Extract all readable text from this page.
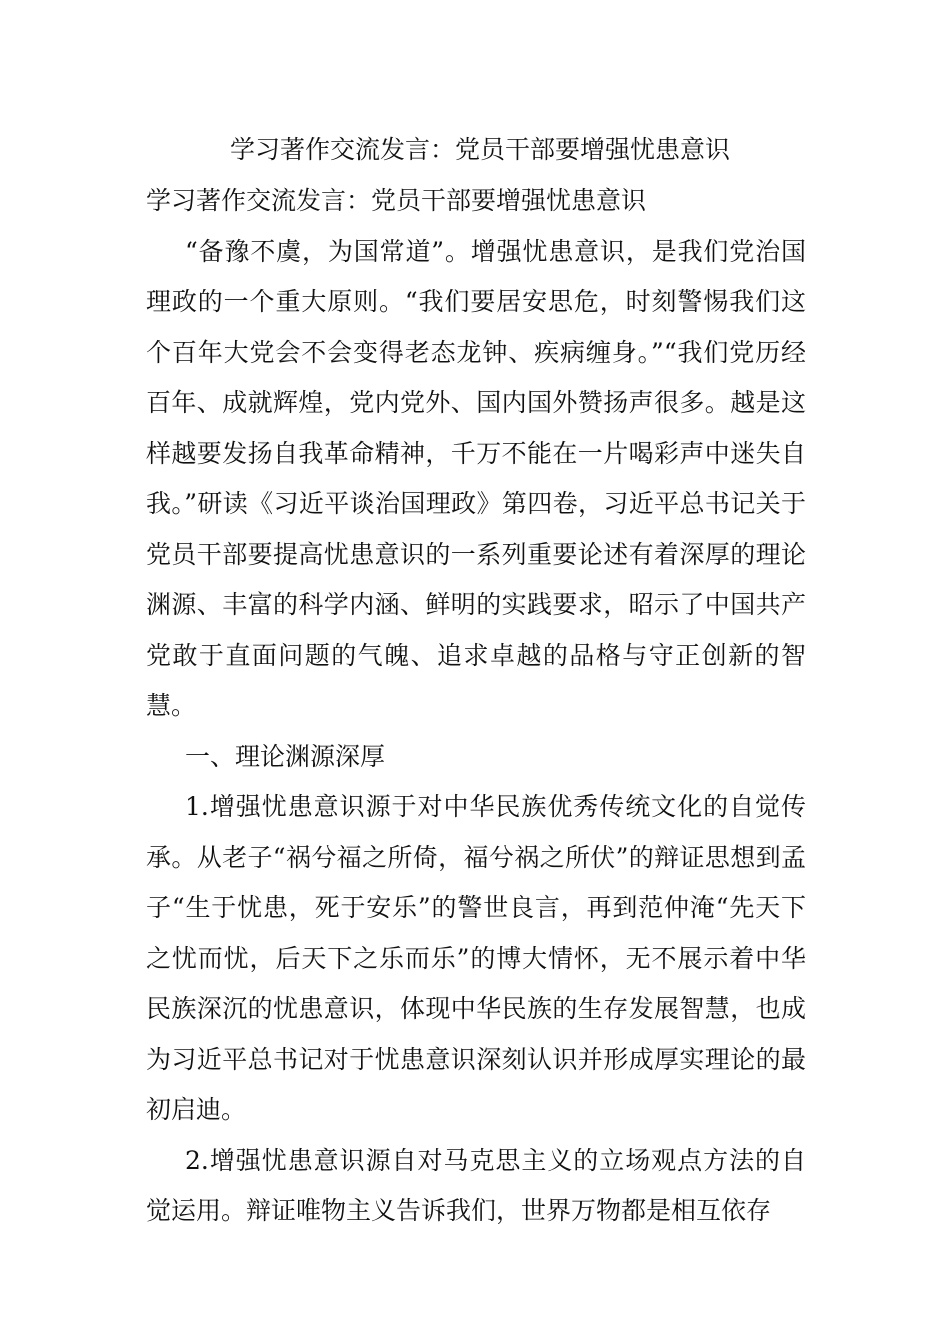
学习著作交流发言：党员干部要增强忧患意识

学习著作交流发言：党员干部要增强忧患意识

“备豫不虞，为国常道”。增强忧患意识，是我们党治国理政的一个重大原则。“我们要居安思危，时刻警惕我们这个百年大党会不会变得老态龙钟、疾病缠身。”“我们党历经百年、成就辉煌，党内党外、国内国外赞扬声很多。越是这样越要发扬自我革命精神，千万不能在一片喝彩声中迷失自我。”研读《习近平谈治国理政》第四卷，习近平总书记关于党员干部要提高忧患意识的一系列重要论述有着深厚的理论渊源、丰富的科学内涵、鲜明的实践要求，昭示了中国共产党敢于直面问题的气魄、追求卓越的品格与守正创新的智慧。

一、理论渊源深厚

1.增强忧患意识源于对中华民族优秀传统文化的自觉传承。从老子“祸兮福之所倚，福兮祸之所伏”的辩证思想到孟子“生于忧患，死于安乐”的警世良言，再到范仲淹“先天下之忧而忧，后天下之乐而乐”的博大情怀，无不展示着中华民族深沉的忧患意识，体现中华民族的生存发展智慧，也成为习近平总书记对于忧患意识深刻认识并形成厚实理论的最初启迪。

2.增强忧患意识源自对马克思主义的立场观点方法的自觉运用。辩证唯物主义告诉我们，世界万物都是相互依存
